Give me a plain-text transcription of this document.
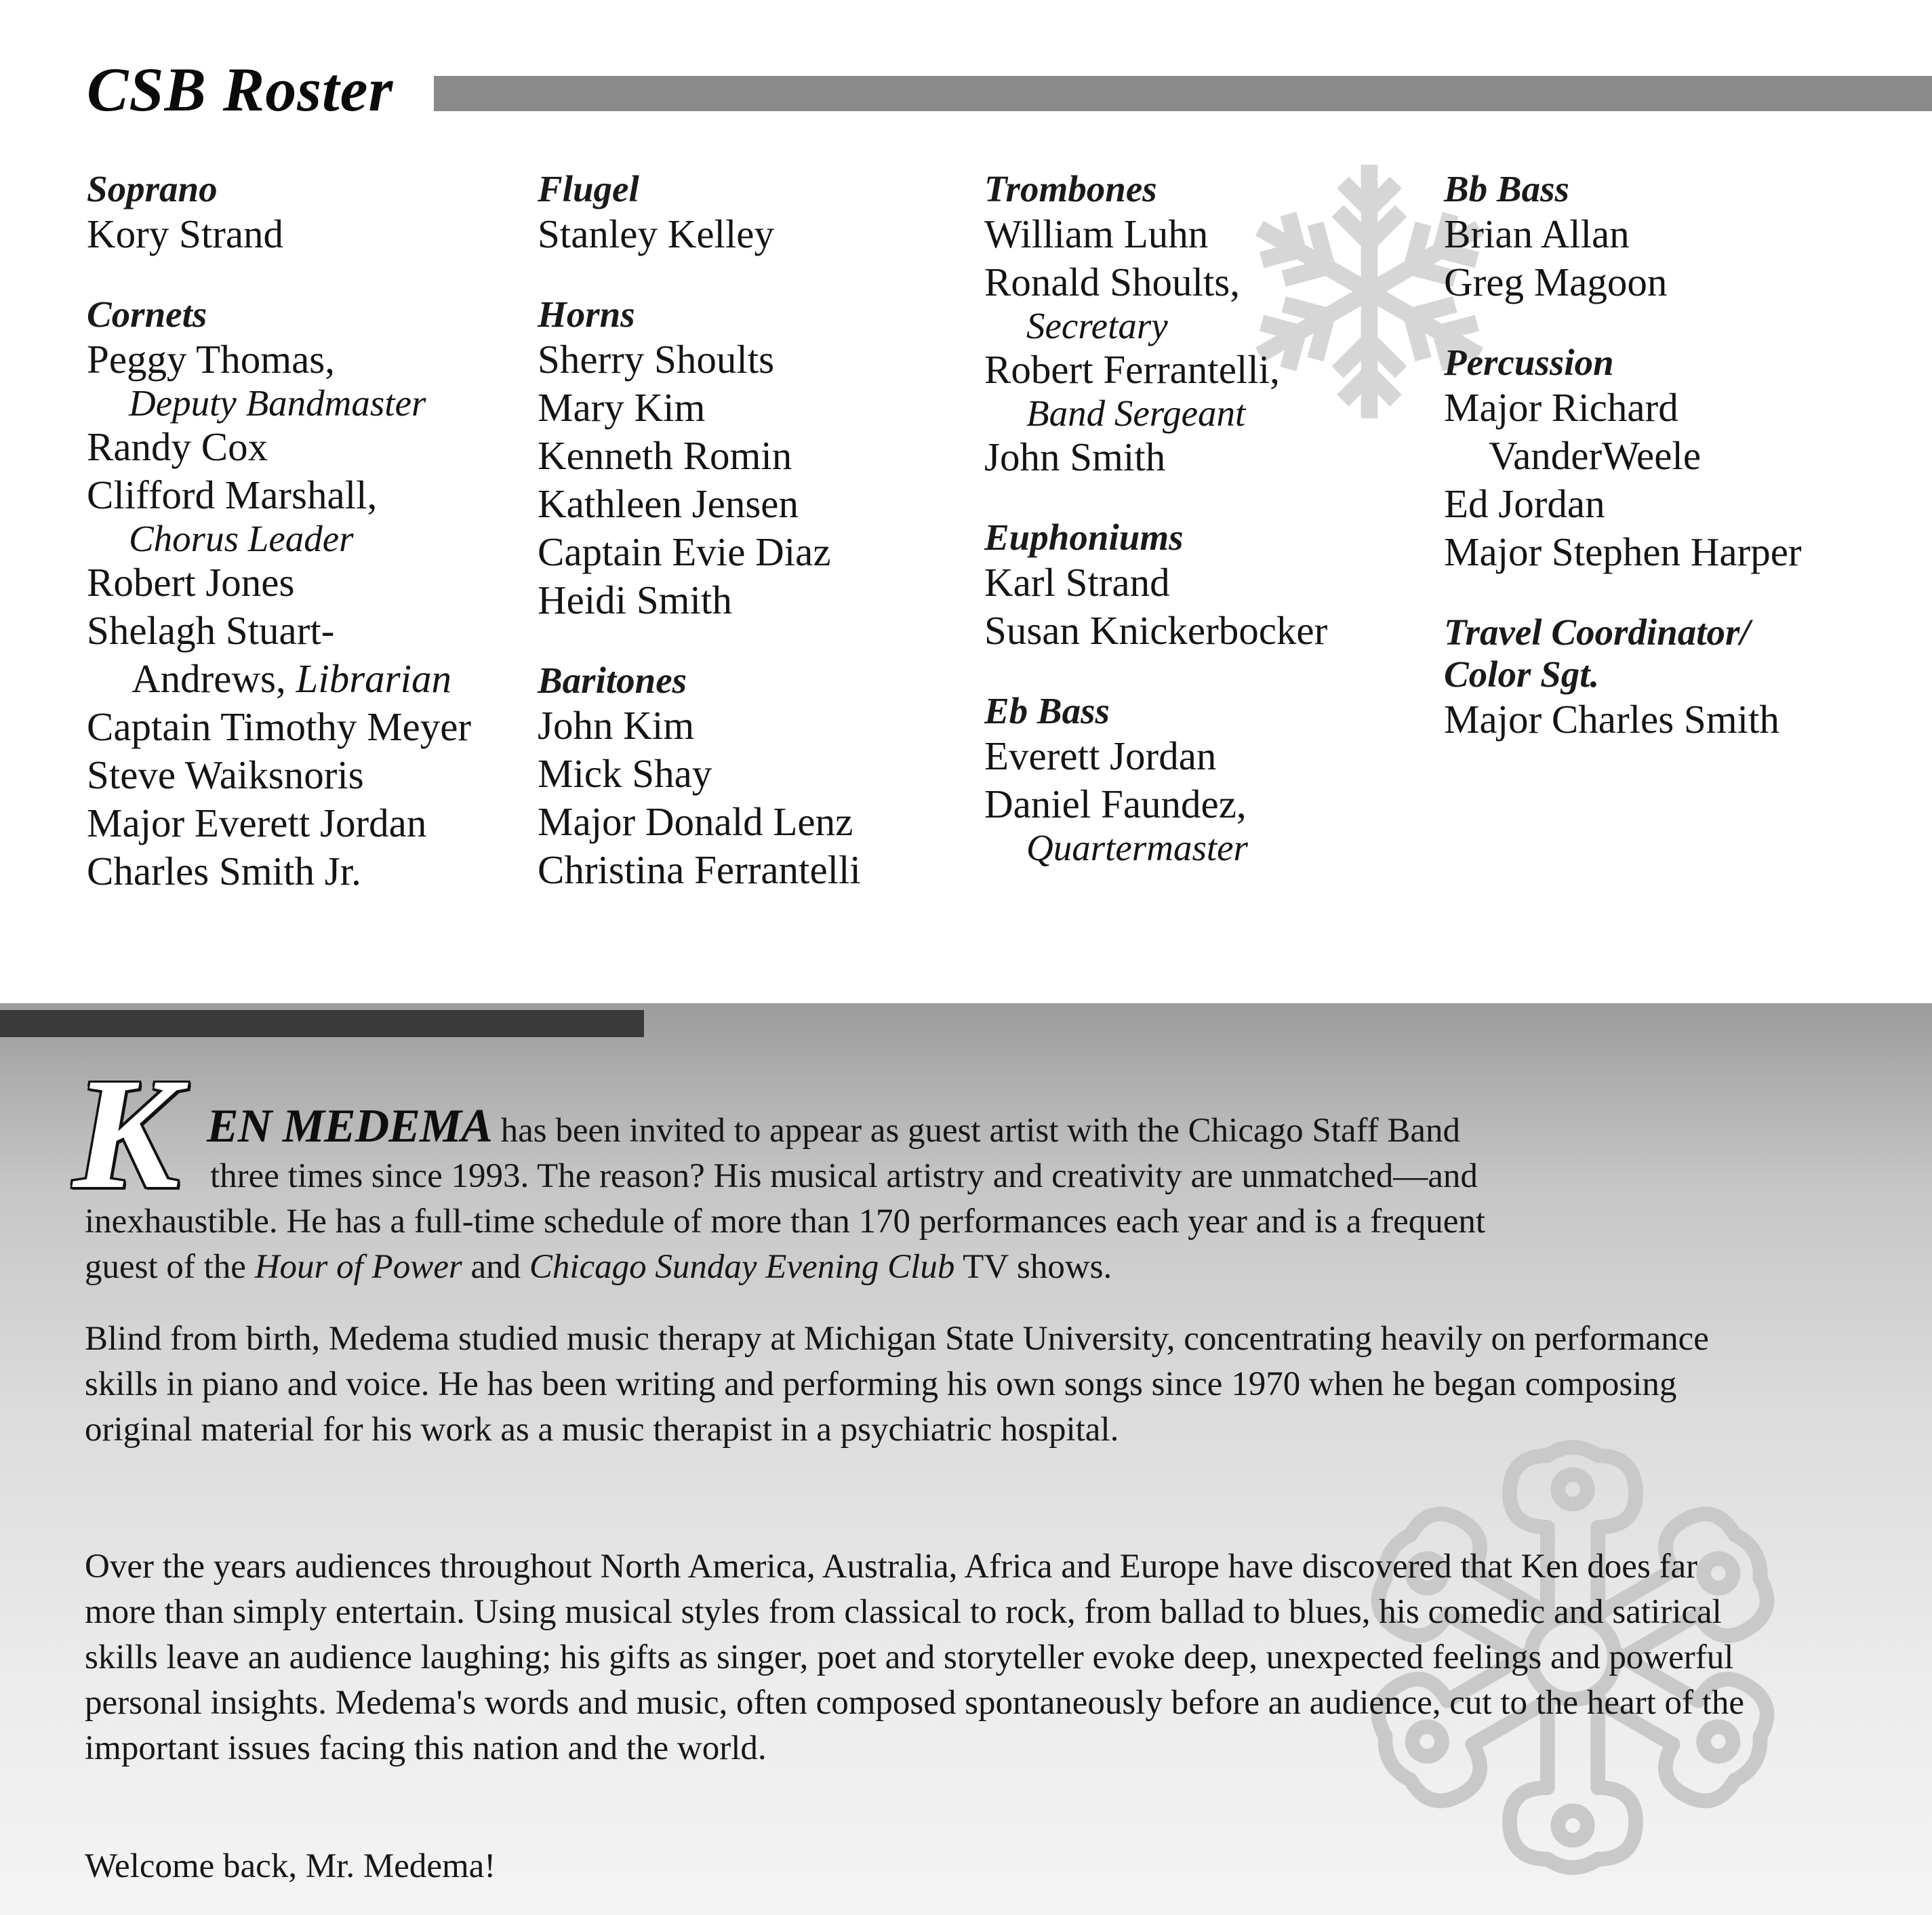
CSB Roster
Soprano
Kory Strand
Cornets
Peggy Thomas,
Deputy Bandmaster
Randy Cox
Clifford Marshall,
Chorus Leader
Robert Jones
Shelagh Stuart-
Andrews, Librarian
Captain Timothy Meyer
Steve Waiksnoris
Major Everett Jordan
Charles Smith Jr.
Flugel
Stanley Kelley
Horns
Sherry Shoults
Mary Kim
Kenneth Romin
Kathleen Jensen
Captain Evie Diaz
Heidi Smith
Baritones
John Kim
Mick Shay
Major Donald Lenz
Christina Ferrantelli
Trombones
William Luhn
Ronald Shoults,
Secretary
Robert Ferrantelli,
Band Sergeant
John Smith
Euphoniums
Karl Strand
Susan Knickerbocker
Eb Bass
Everett Jordan
Daniel Faundez,
Quartermaster
Bb Bass
Brian Allan
Greg Magoon
Percussion
Major Richard
VanderWeele
Ed Jordan
Major Stephen Harper
Travel Coordinator/ Color Sgt.
Major Charles Smith
K EN MEDEMA has been invited to appear as guest artist with the Chicago Staff Band
three times since 1993. The reason? His musical artistry and creativity are unmatched—and
inexhaustible. He has a full-time schedule of more than 170 performances each year and is a frequent
guest of the Hour of Power and Chicago Sunday Evening Club TV shows.

Blind from birth, Medema studied music therapy at Michigan State University, concentrating heavily on performance skills in piano and voice. He has been writing and performing his own songs since 1970 when he began composing original material for his work as a music therapist in a psychiatric hospital.

Over the years audiences throughout North America, Australia, Africa and Europe have discovered that Ken does far more than simply entertain. Using musical styles from classical to rock, from ballad to blues, his comedic and satirical skills leave an audience laughing; his gifts as singer, poet and storyteller evoke deep, unexpected feelings and powerful personal insights. Medema's words and music, often composed spontaneously before an audience, cut to the heart of the important issues facing this nation and the world.

Welcome back, Mr. Medema!
